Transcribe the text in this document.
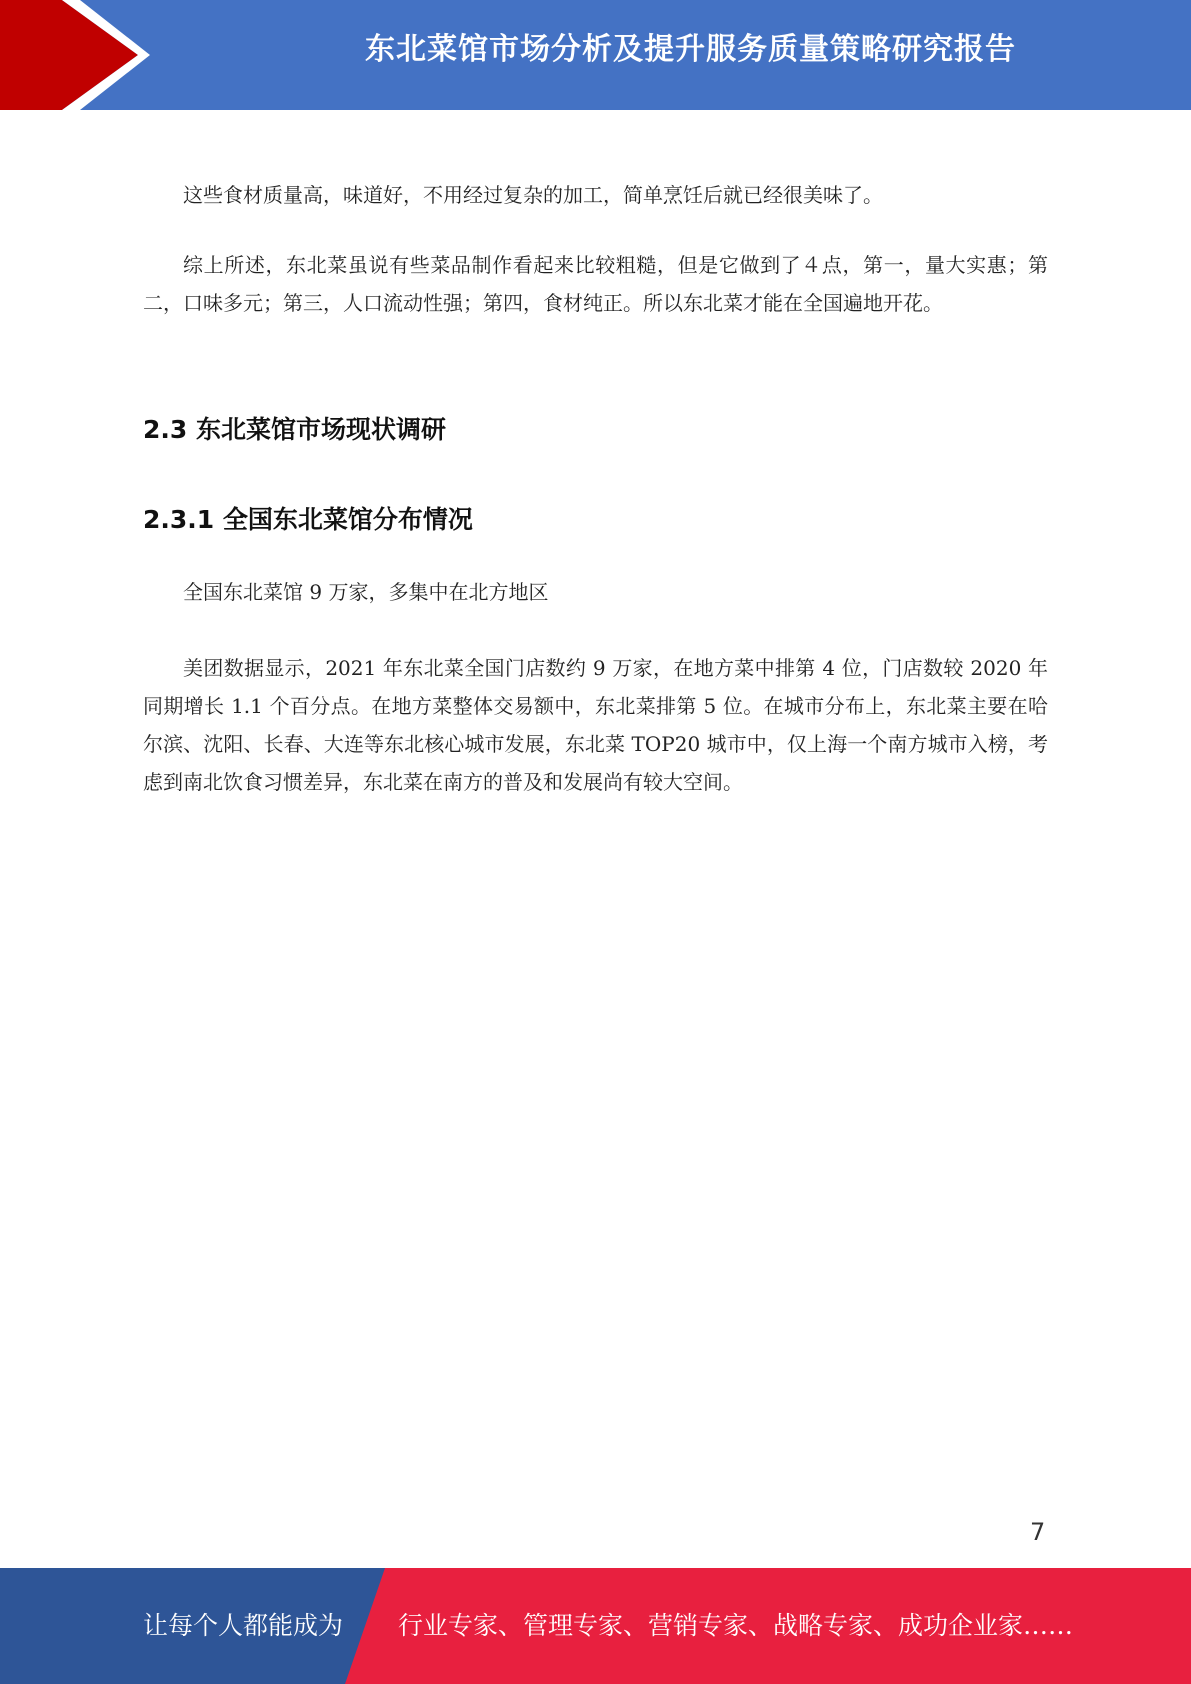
东北菜馆市场分析及提升服务质量策略研究报告

这些食材质量高，味道好，不用经过复杂的加工，简单烹饪后就已经很美味了。

综上所述，东北菜虽说有些菜品制作看起来比较粗糙，但是它做到了４点，第一，量大实惠；第二，口味多元；第三，人口流动性强；第四，食材纯正。所以东北菜才能在全国遍地开花。

2.3 东北菜馆市场现状调研
2.3.1 全国东北菜馆分布情况

全国东北菜馆 9 万家，多集中在北方地区

美团数据显示，2021 年东北菜全国门店数约 9 万家，在地方菜中排第 4 位，门店数较 2020 年同期增长 1.1 个百分点。在地方菜整体交易额中，东北菜排第 5 位。在城市分布上，东北菜主要在哈尔滨、沈阳、长春、大连等东北核心城市发展，东北菜 TOP20 城市中，仅上海一个南方城市入榜，考虑到南北饮食习惯差异，东北菜在南方的普及和发展尚有较大空间。

7
让每个人都能成为 行业专家、管理专家、营销专家、战略专家、成功企业家……
